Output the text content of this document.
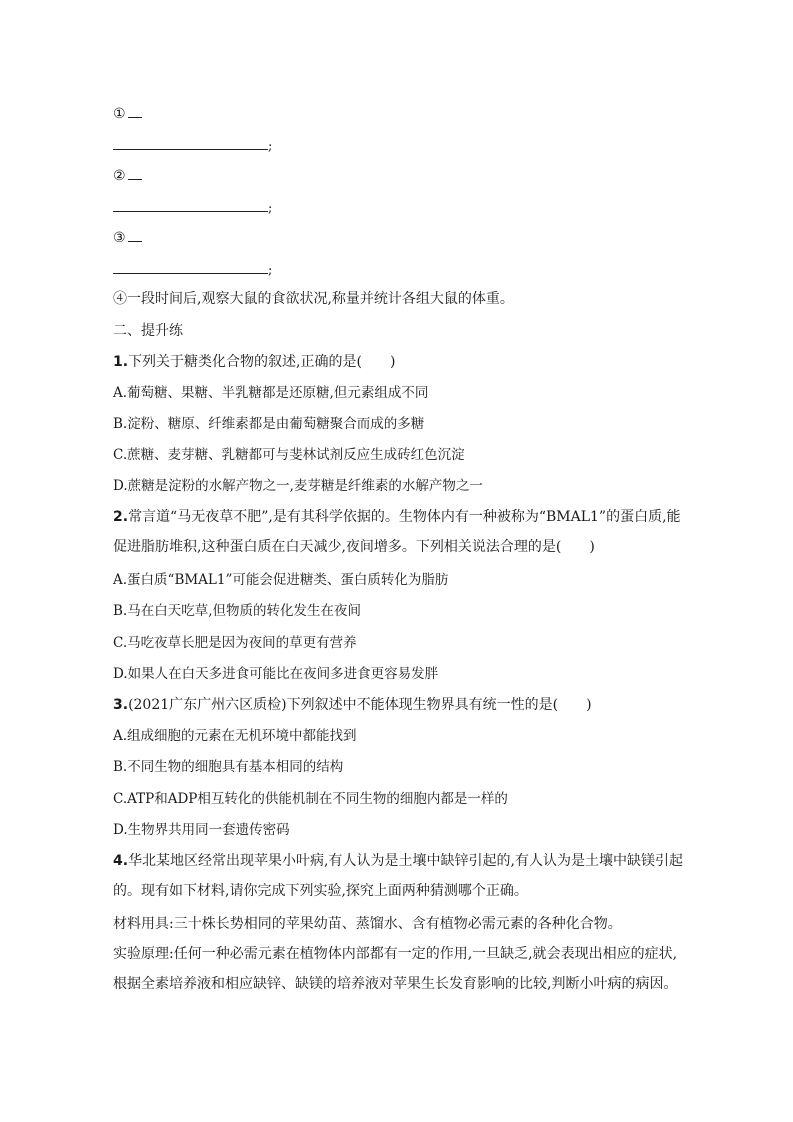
①
;
②
;
③
;
④一段时间后,观察大鼠的食欲状况,称量并统计各组大鼠的体重。
二、提升练
1.下列关于糖类化合物的叙述,正确的是(　　)
A.葡萄糖、果糖、半乳糖都是还原糖,但元素组成不同
B.淀粉、糖原、纤维素都是由葡萄糖聚合而成的多糖
C.蔗糖、麦芽糖、乳糖都可与斐林试剂反应生成砖红色沉淀
D.蔗糖是淀粉的水解产物之一,麦芽糖是纤维素的水解产物之一
2.常言道“马无夜草不肥”,是有其科学依据的。生物体内有一种被称为“BMAL1”的蛋白质,能促进脂肪堆积,这种蛋白质在白天减少,夜间增多。下列相关说法合理的是(　　)
A.蛋白质“BMAL1”可能会促进糖类、蛋白质转化为脂肪
B.马在白天吃草,但物质的转化发生在夜间
C.马吃夜草长肥是因为夜间的草更有营养
D.如果人在白天多进食可能比在夜间多进食更容易发胖
3.(2021广东广州六区质检)下列叙述中不能体现生物界具有统一性的是(　　)
A.组成细胞的元素在无机环境中都能找到
B.不同生物的细胞具有基本相同的结构
C.ATP和ADP相互转化的供能机制在不同生物的细胞内都是一样的
D.生物界共用同一套遗传密码
4.华北某地区经常出现苹果小叶病,有人认为是土壤中缺锌引起的,有人认为是土壤中缺镁引起的。现有如下材料,请你完成下列实验,探究上面两种猜测哪个正确。
材料用具:三十株长势相同的苹果幼苗、蒸馏水、含有植物必需元素的各种化合物。
实验原理:任何一种必需元素在植物体内部都有一定的作用,一旦缺乏,就会表现出相应的症状,根据全素培养液和相应缺锌、缺镁的培养液对苹果生长发育影响的比较,判断小叶病的病因。
